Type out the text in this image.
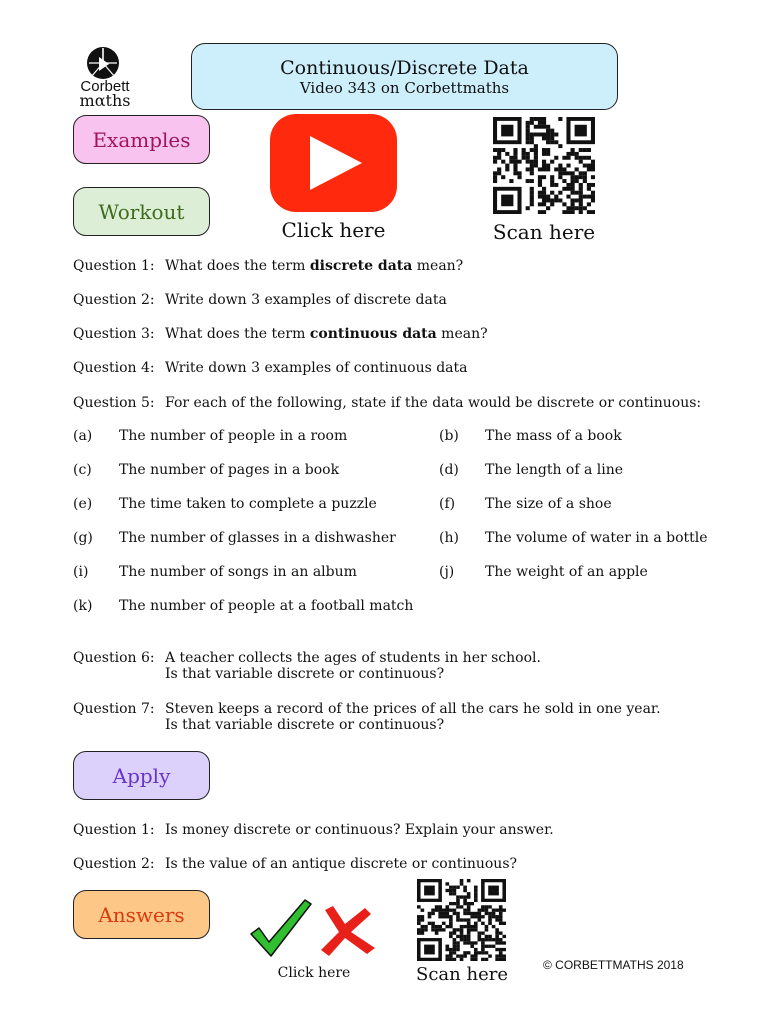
Corbett
mαths
Continuous/Discrete Data
Video 343 on Corbettmaths
Examples
Workout
Click here	Scan here
Question 1: What does the term discrete data mean?
Question 2: Write down 3 examples of discrete data
Question 3: What does the term continuous data mean?
Question 4: Write down 3 examples of continuous data
Question 5: For each of the following, state if the data would be discrete or continuous:
(a) The number of people in a room	(b) The mass of a book
(c) The number of pages in a book	(d) The length of a line
(e) The time taken to complete a puzzle	(f) The size of a shoe
(g) The number of glasses in a dishwasher	(h) The volume of water in a bottle
(i) The number of songs in an album	(j) The weight of an apple
(k) The number of people at a football match
Question 6: A teacher collects the ages of students in her school.
Is that variable discrete or continuous?
Question 7: Steven keeps a record of the prices of all the cars he sold in one year.
Is that variable discrete or continuous?
Apply
Question 1: Is money discrete or continuous? Explain your answer.
Question 2: Is the value of an antique discrete or continuous?
Answers
Click here	Scan here	© CORBETTMATHS 2018
